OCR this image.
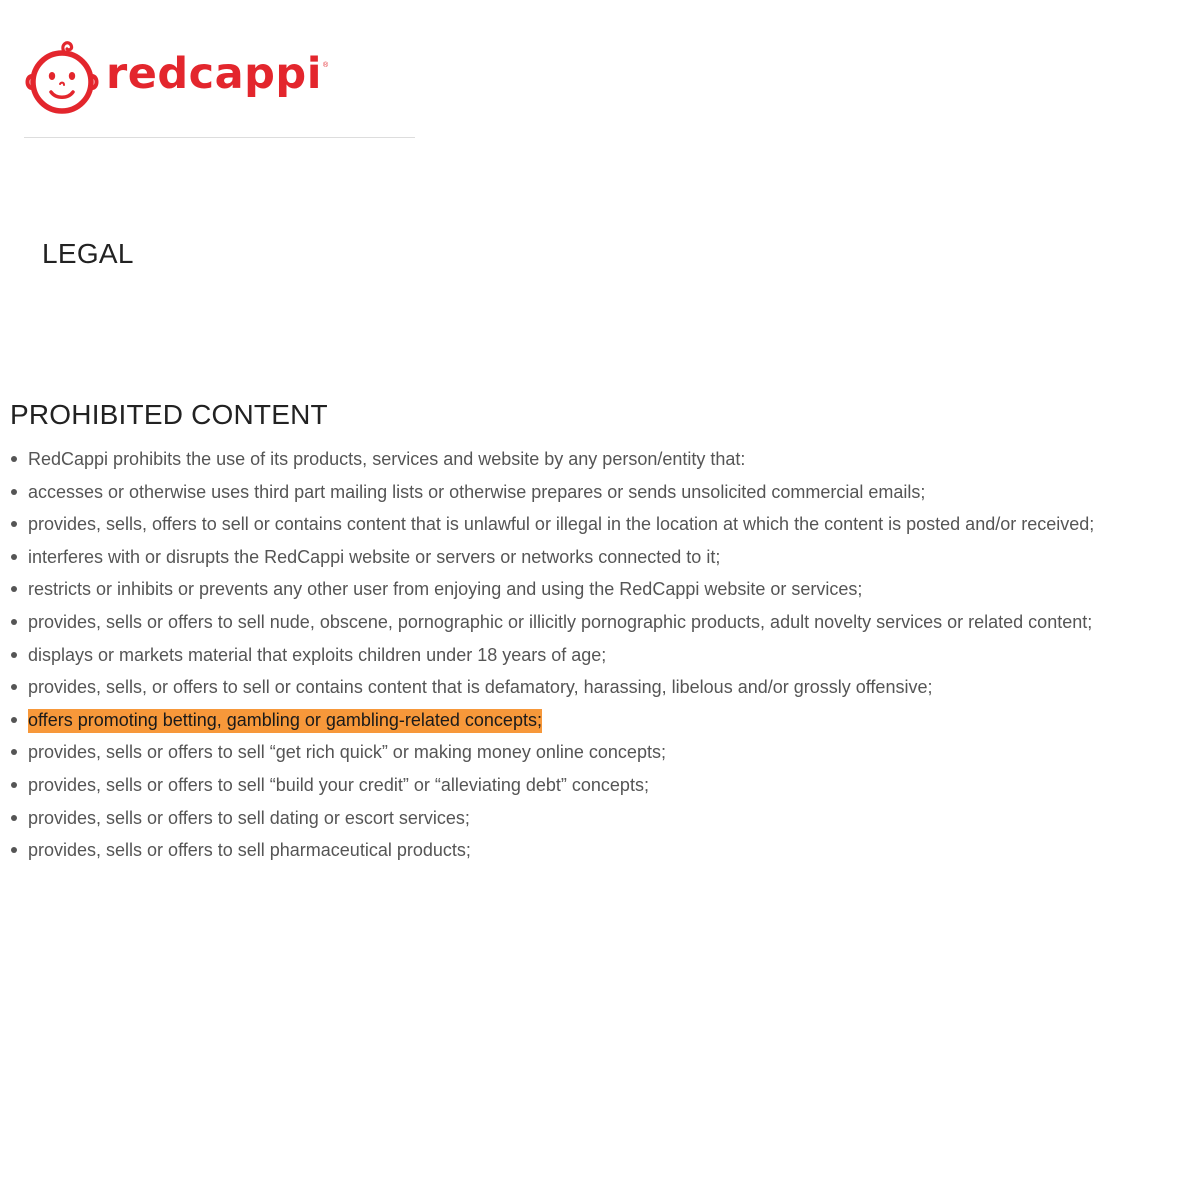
redcappi ®
LEGAL
PROHIBITED CONTENT
RedCappi prohibits the use of its products, services and website by any person/entity that:
accesses or otherwise uses third part mailing lists or otherwise prepares or sends unsolicited commercial emails;
provides, sells, offers to sell or contains content that is unlawful or illegal in the location at which the content is posted and/or received;
interferes with or disrupts the RedCappi website or servers or networks connected to it;
restricts or inhibits or prevents any other user from enjoying and using the RedCappi website or services;
provides, sells or offers to sell nude, obscene, pornographic or illicitly pornographic products, adult novelty services or related content;
displays or markets material that exploits children under 18 years of age;
provides, sells, or offers to sell or contains content that is defamatory, harassing, libelous and/or grossly offensive;
offers promoting betting, gambling or gambling-related concepts;
provides, sells or offers to sell “get rich quick” or making money online concepts;
provides, sells or offers to sell “build your credit” or “alleviating debt” concepts;
provides, sells or offers to sell dating or escort services;
provides, sells or offers to sell pharmaceutical products;
